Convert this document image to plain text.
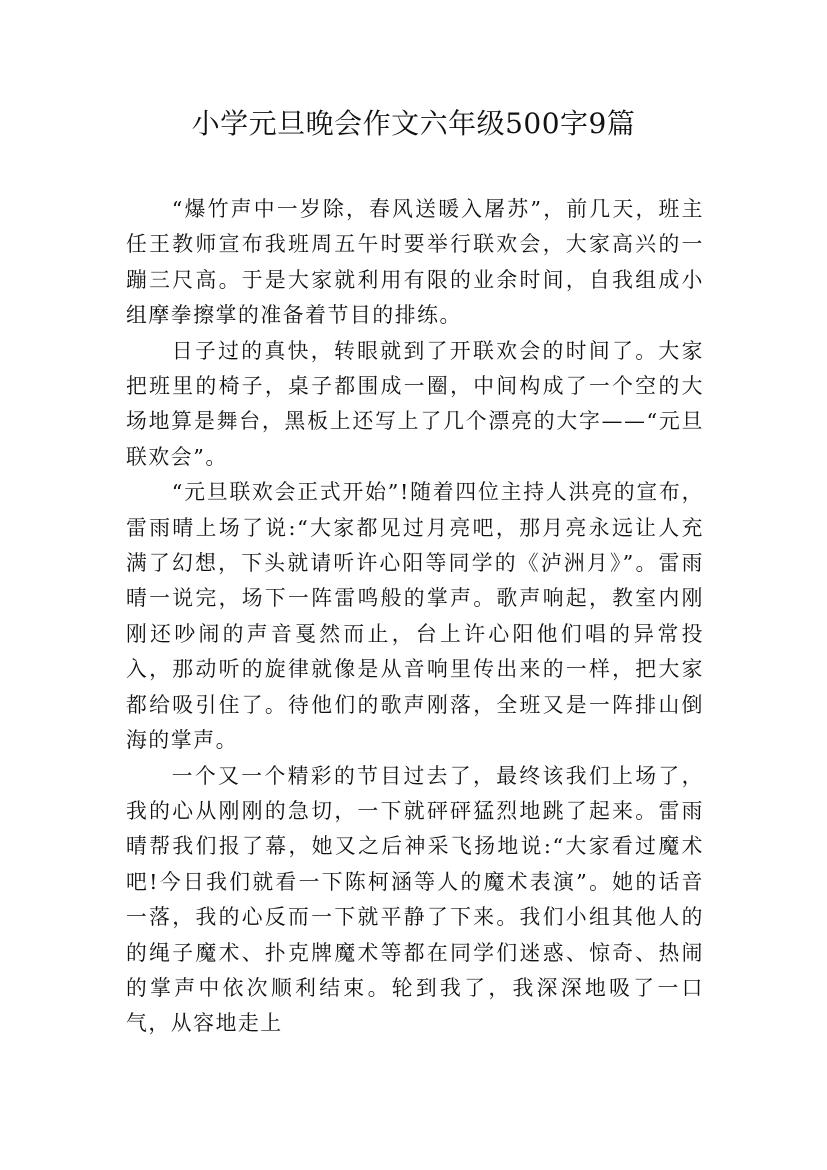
小学元旦晚会作文六年级500字9篇

“爆竹声中一岁除，春风送暖入屠苏”，前几天，班主任王教师宣布我班周五午时要举行联欢会，大家高兴的一蹦三尺高。于是大家就利用有限的业余时间，自我组成小组摩拳擦掌的准备着节目的排练。

日子过的真快，转眼就到了开联欢会的时间了。大家把班里的椅子，桌子都围成一圈，中间构成了一个空的大场地算是舞台，黑板上还写上了几个漂亮的大字——“元旦联欢会”。

“元旦联欢会正式开始”!随着四位主持人洪亮的宣布，雷雨晴上场了说:“大家都见过月亮吧，那月亮永远让人充满了幻想，下头就请听许心阳等同学的《泸洲月》”。雷雨晴一说完，场下一阵雷鸣般的掌声。歌声响起，教室内刚刚还吵闹的声音戛然而止，台上许心阳他们唱的异常投入，那动听的旋律就像是从音响里传出来的一样，把大家都给吸引住了。待他们的歌声刚落，全班又是一阵排山倒海的掌声。

一个又一个精彩的节目过去了，最终该我们上场了，我的心从刚刚的急切，一下就砰砰猛烈地跳了起来。雷雨晴帮我们报了幕，她又之后神采飞扬地说:“大家看过魔术吧!今日我们就看一下陈柯涵等人的魔术表演”。她的话音一落，我的心反而一下就平静了下来。我们小组其他人的的绳子魔术、扑克牌魔术等都在同学们迷惑、惊奇、热闹的掌声中依次顺利结束。轮到我了，我深深地吸了一口气，从容地走上
